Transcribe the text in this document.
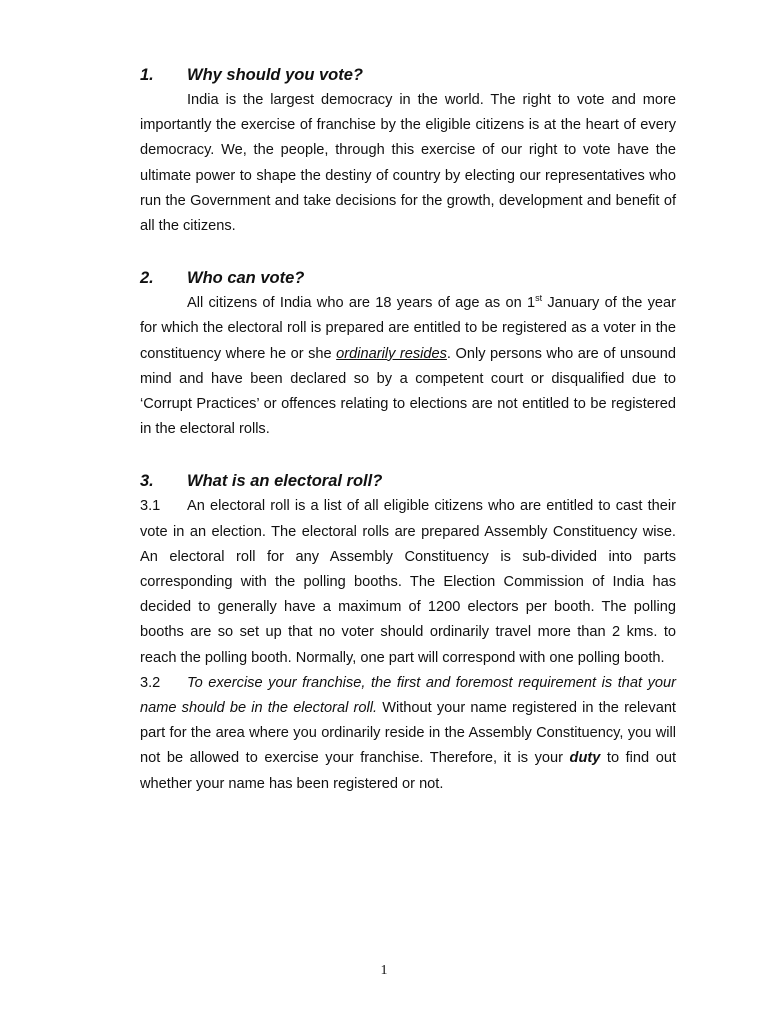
1. Why should you vote?

India is the largest democracy in the world. The right to vote and more importantly the exercise of franchise by the eligible citizens is at the heart of every democracy. We, the people, through this exercise of our right to vote have the ultimate power to shape the destiny of country by electing our representatives who run the Government and take decisions for the growth, development and benefit of all the citizens.

2. Who can vote?

All citizens of India who are 18 years of age as on 1st January of the year for which the electoral roll is prepared are entitled to be registered as a voter in the constituency where he or she ordinarily resides. Only persons who are of unsound mind and have been declared so by a competent court or disqualified due to ‘Corrupt Practices’ or offences relating to elections are not entitled to be registered in the electoral rolls.

3. What is an electoral roll?

3.1 An electoral roll is a list of all eligible citizens who are entitled to cast their vote in an election. The electoral rolls are prepared Assembly Constituency wise. An electoral roll for any Assembly Constituency is sub-divided into parts corresponding with the polling booths. The Election Commission of India has decided to generally have a maximum of 1200 electors per booth. The polling booths are so set up that no voter should ordinarily travel more than 2 kms. to reach the polling booth. Normally, one part will correspond with one polling booth.

3.2 To exercise your franchise, the first and foremost requirement is that your name should be in the electoral roll. Without your name registered in the relevant part for the area where you ordinarily reside in the Assembly Constituency, you will not be allowed to exercise your franchise. Therefore, it is your duty to find out whether your name has been registered or not.

1
